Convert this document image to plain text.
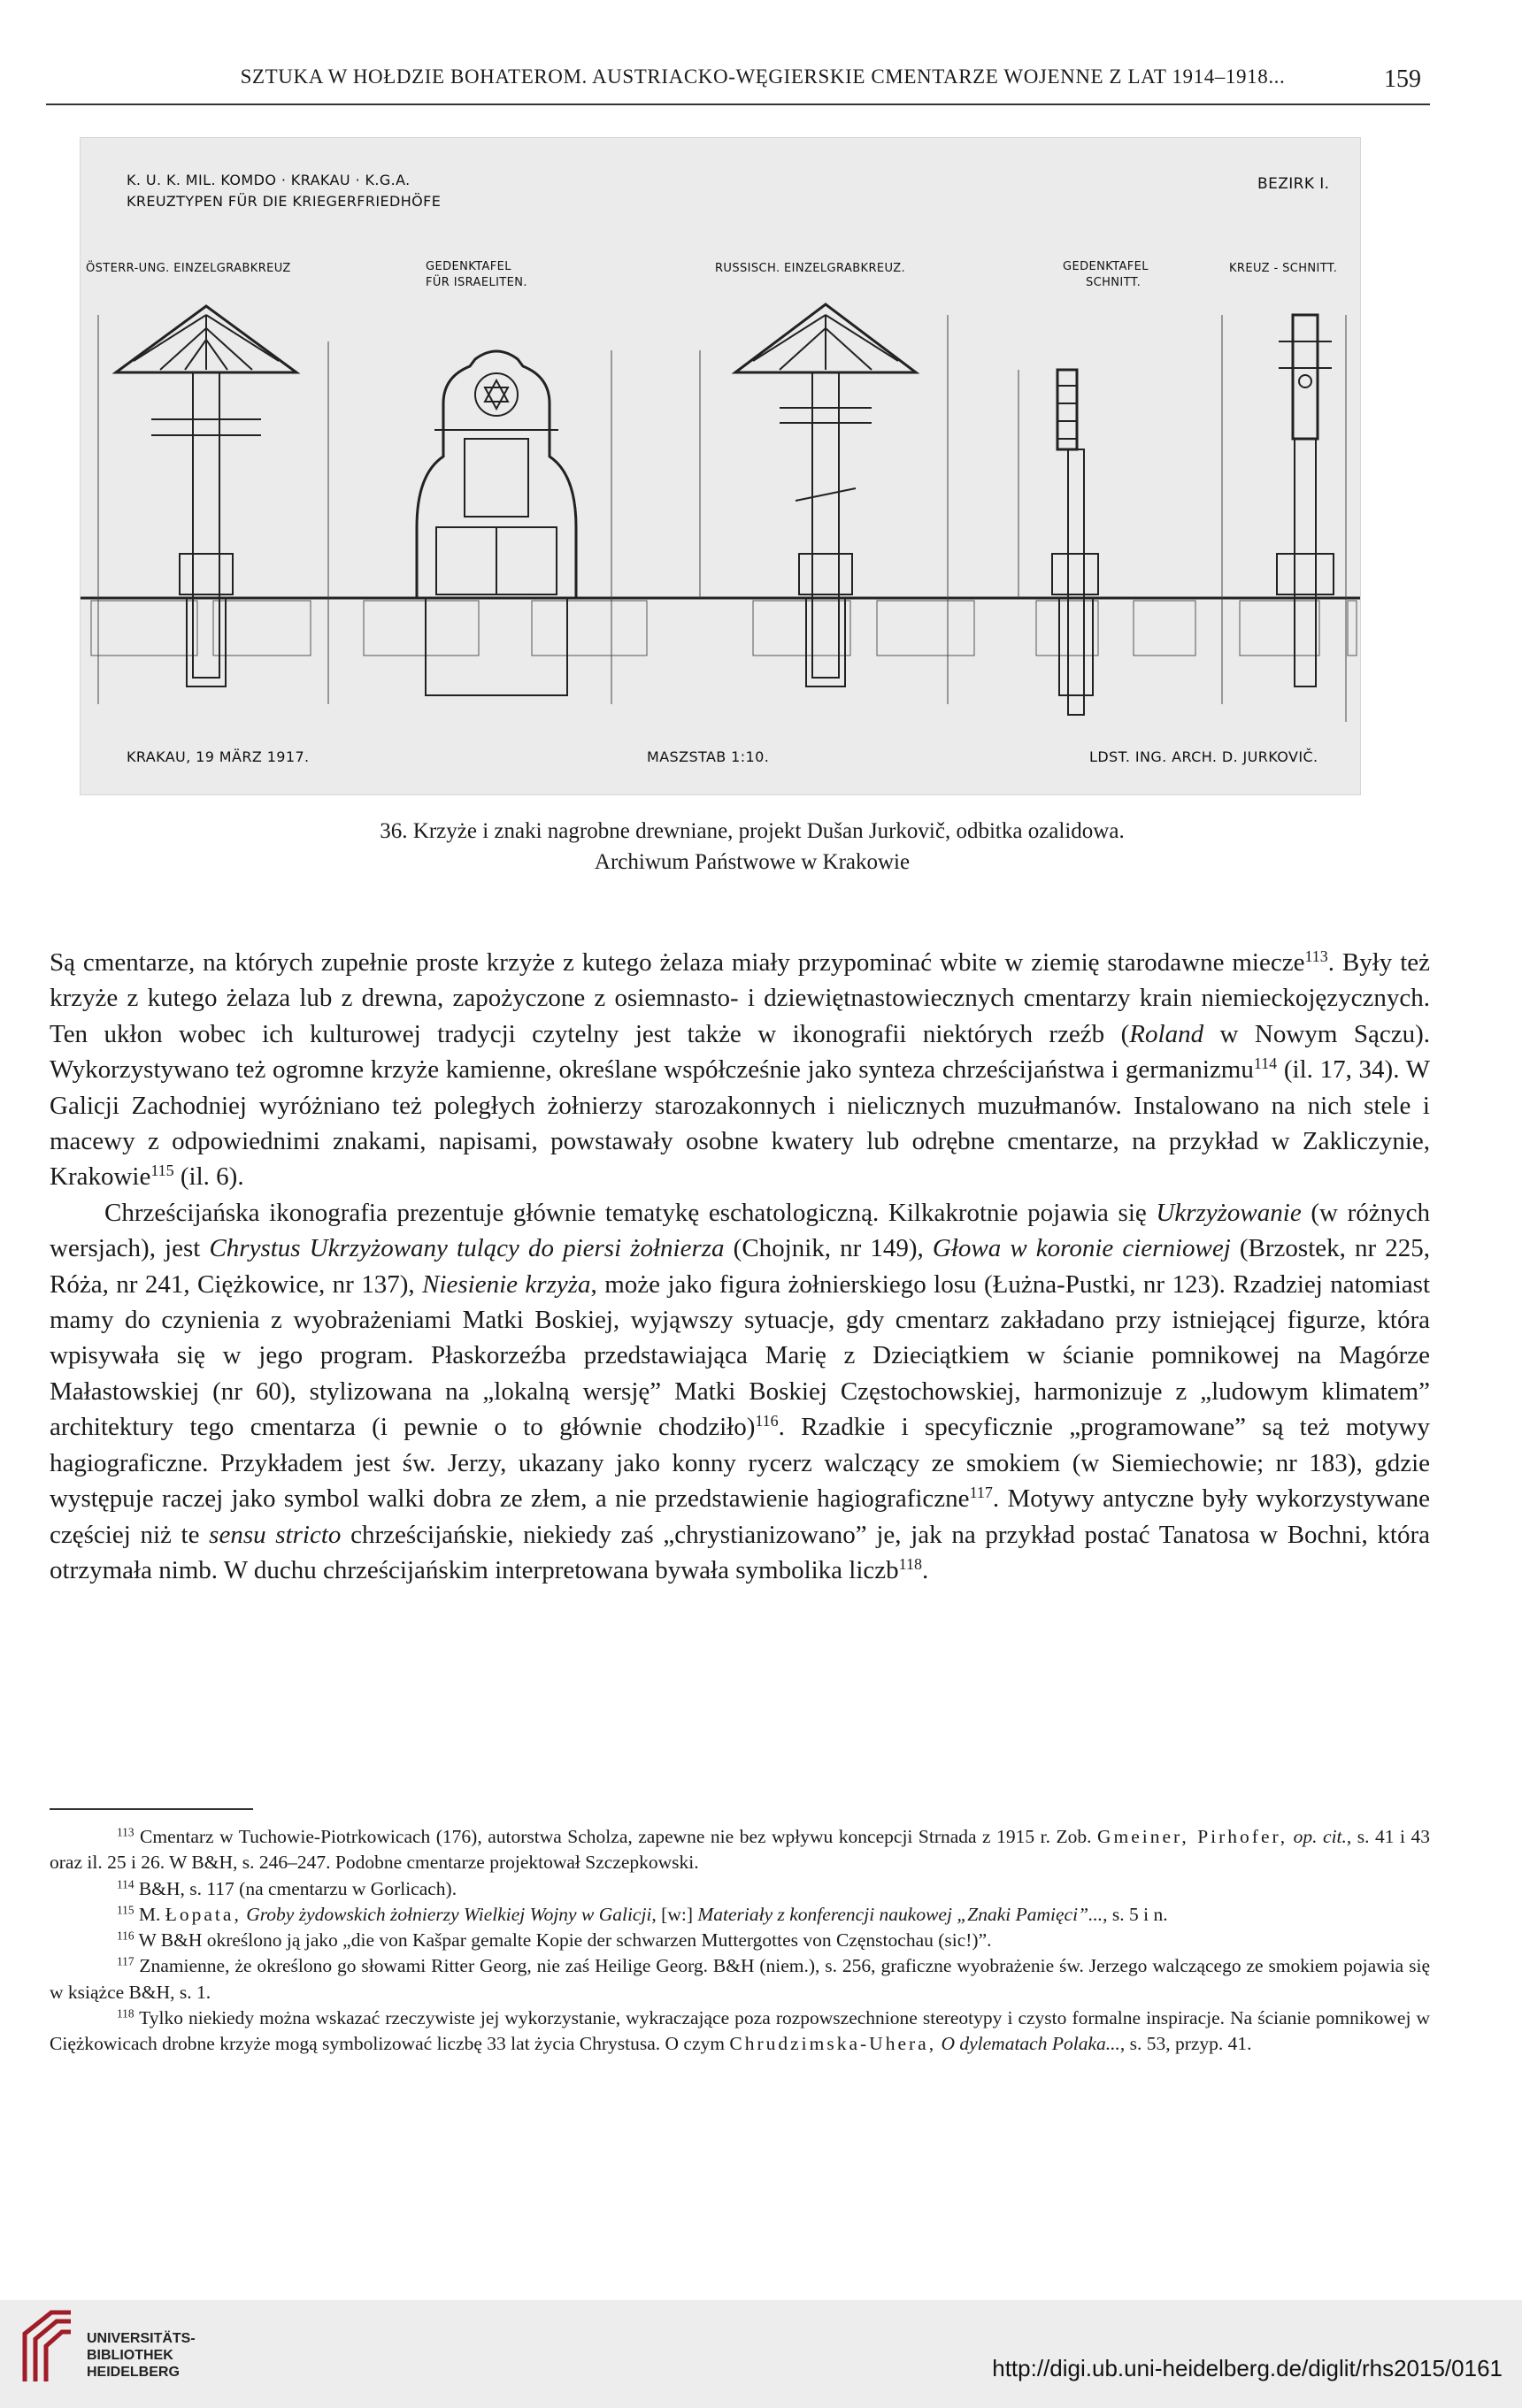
SZTUKA W HOŁDZIE BOHATEROM. AUSTRIACKO-WĘGIERSKIE CMENTARZE WOJENNE Z LAT 1914–1918...	159
K. U. K. MIL. KOMDO · KRAKAU · K.G.A.
KREUZTYPEN FÜR DIE KRIEGERFRIEDHÖFE
BEZIRK I.
ÖSTERR-UNG. EINZELGRABKREUZ	GEDENKTAFEL
FÜR ISRAELITEN.
RUSSISCH. EINZELGRABKREUZ.	GEDENKTAFEL
SCHNITT.
KREUZ - SCHNITT.
KRAKAU, 19 MÄRZ 1917.	MASZSTAB 1:10.	LDST. ING. ARCH. D. JURKOVIČ.
36. Krzyże i znaki nagrobne drewniane, projekt Dušan Jurkovič, odbitka ozalidowa.
Archiwum Państwowe w Krakowie

Są cmentarze, na których zupełnie proste krzyże z kutego żelaza miały przypominać wbite w ziemię starodawne miecze$^{113}$. Były też krzyże z kutego żelaza lub z drewna, zapożyczone z osiemnasto- i dziewiętnastowiecznych cmentarzy krain niemieckojęzycznych. Ten ukłon wobec ich kulturowej tradycji czytelny jest także w ikonografii niektórych rzeźb (Roland w Nowym Sączu). Wykorzystywano też ogromne krzyże kamienne, określane współcześnie jako synteza chrześcijaństwa i germanizmu$^{114}$ (il. 17, 34). W Galicji Zachodniej wyróżniano też poległych żołnierzy starozakonnych i nielicznych muzułmanów. Instalowano na nich stele i macewy z odpowiednimi znakami, napisami, powstawały osobne kwatery lub odrębne cmentarze, na przykład w Zakliczynie, Krakowie$^{115}$ (il. 6).

Chrześcijańska ikonografia prezentuje głównie tematykę eschatologiczną. Kilkakrotnie pojawia się Ukrzyżowanie (w różnych wersjach), jest Chrystus Ukrzyżowany tulący do piersi żołnierza (Chojnik, nr 149), Głowa w koronie cierniowej (Brzostek, nr 225, Róża, nr 241, Ciężkowice, nr 137), Niesienie krzyża, może jako figura żołnierskiego losu (Łużna-Pustki, nr 123). Rzadziej natomiast mamy do czynienia z wyobrażeniami Matki Boskiej, wyjąwszy sytuacje, gdy cmentarz zakładano przy istniejącej figurze, która wpisywała się w jego program. Płaskorzeźba przedstawiająca Marię z Dzieciątkiem w ścianie pomnikowej na Magórze Małastowskiej (nr 60), stylizowana na „lokalną wersję” Matki Boskiej Częstochowskiej, harmonizuje z „ludowym klimatem” architektury tego cmentarza (i pewnie o to głównie chodziło)$^{116}$. Rzadkie i specyficznie „programowane” są też motywy hagiograficzne. Przykładem jest św. Jerzy, ukazany jako konny rycerz walczący ze smokiem (w Siemiechowie; nr 183), gdzie występuje raczej jako symbol walki dobra ze złem, a nie przedstawienie hagiograficzne$^{117}$. Motywy antyczne były wykorzystywane częściej niż te sensu stricto chrześcijańskie, niekiedy zaś „chrystianizowano” je, jak na przykład postać Tanatosa w Bochni, która otrzymała nimb. W duchu chrześcijańskim interpretowana bywała symbolika liczb$^{118}$.

$^{113}$ Cmentarz w Tuchowie-Piotrkowicach (176), autorstwa Scholza, zapewne nie bez wpływu koncepcji Strnada z 1915 r. Zob. Gmeiner, Pirhofer, op. cit., s. 41 i 43 oraz il. 25 i 26. W B&H, s. 246–247. Podobne cmentarze projektował Szczepkowski.

$^{114}$ B&H, s. 117 (na cmentarzu w Gorlicach).

$^{115}$ M. Łopata, Groby żydowskich żołnierzy Wielkiej Wojny w Galicji, [w:] Materiały z konferencji naukowej „Znaki Pamięci”..., s. 5 i n.

$^{116}$ W B&H określono ją jako „die von Kašpar gemalte Kopie der schwarzen Muttergottes von Częnstochau (sic!)”.

$^{117}$ Znamienne, że określono go słowami Ritter Georg, nie zaś Heilige Georg. B&H (niem.), s. 256, graficzne wyobrażenie św. Jerzego walczącego ze smokiem pojawia się w książce B&H, s. 1.

$^{118}$ Tylko niekiedy można wskazać rzeczywiste jej wykorzystanie, wykraczające poza rozpowszechnione stereotypy i czysto formalne inspiracje. Na ścianie pomnikowej w Ciężkowicach drobne krzyże mogą symbolizować liczbę 33 lat życia Chrystusa. O czym Chrudzimska-Uhera, O dylematach Polaka..., s. 53, przyp. 41.

UNIVERSITÄTS-
BIBLIOTHEK
HEIDELBERG	http://digi.ub.uni-heidelberg.de/diglit/rhs2015/0161
